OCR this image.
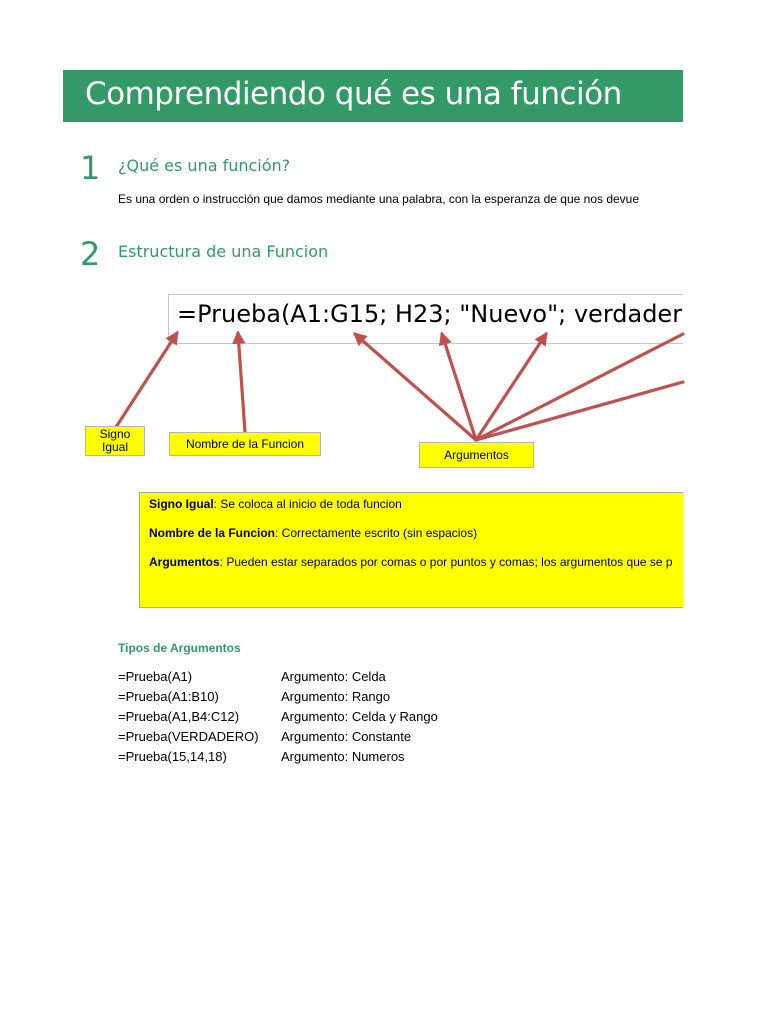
Comprendiendo qué es una función
1 ¿Qué es una función?
Es una orden o instrucción que damos mediante una palabra, con la esperanza de que nos devue
2 Estructura de una Funcion
=Prueba(A1:G15; H23; "Nuevo"; verdader
Signo Igual	Nombre de la Funcion
Argumentos
Signo Igual: Se coloca al inicio de toda funcion
Nombre de la Funcion: Correctamente escrito (sin espacios)
Argumentos: Pueden estar separados por comas o por puntos y comas; los argumentos que se p
Tipos de Argumentos
=Prueba(A1)	Argumento: Celda
=Prueba(A1:B10)	Argumento: Rango
=Prueba(A1,B4:C12)	Argumento: Celda y Rango
=Prueba(VERDADERO) Argumento: Constante
=Prueba(15,14,18)	Argumento: Numeros
